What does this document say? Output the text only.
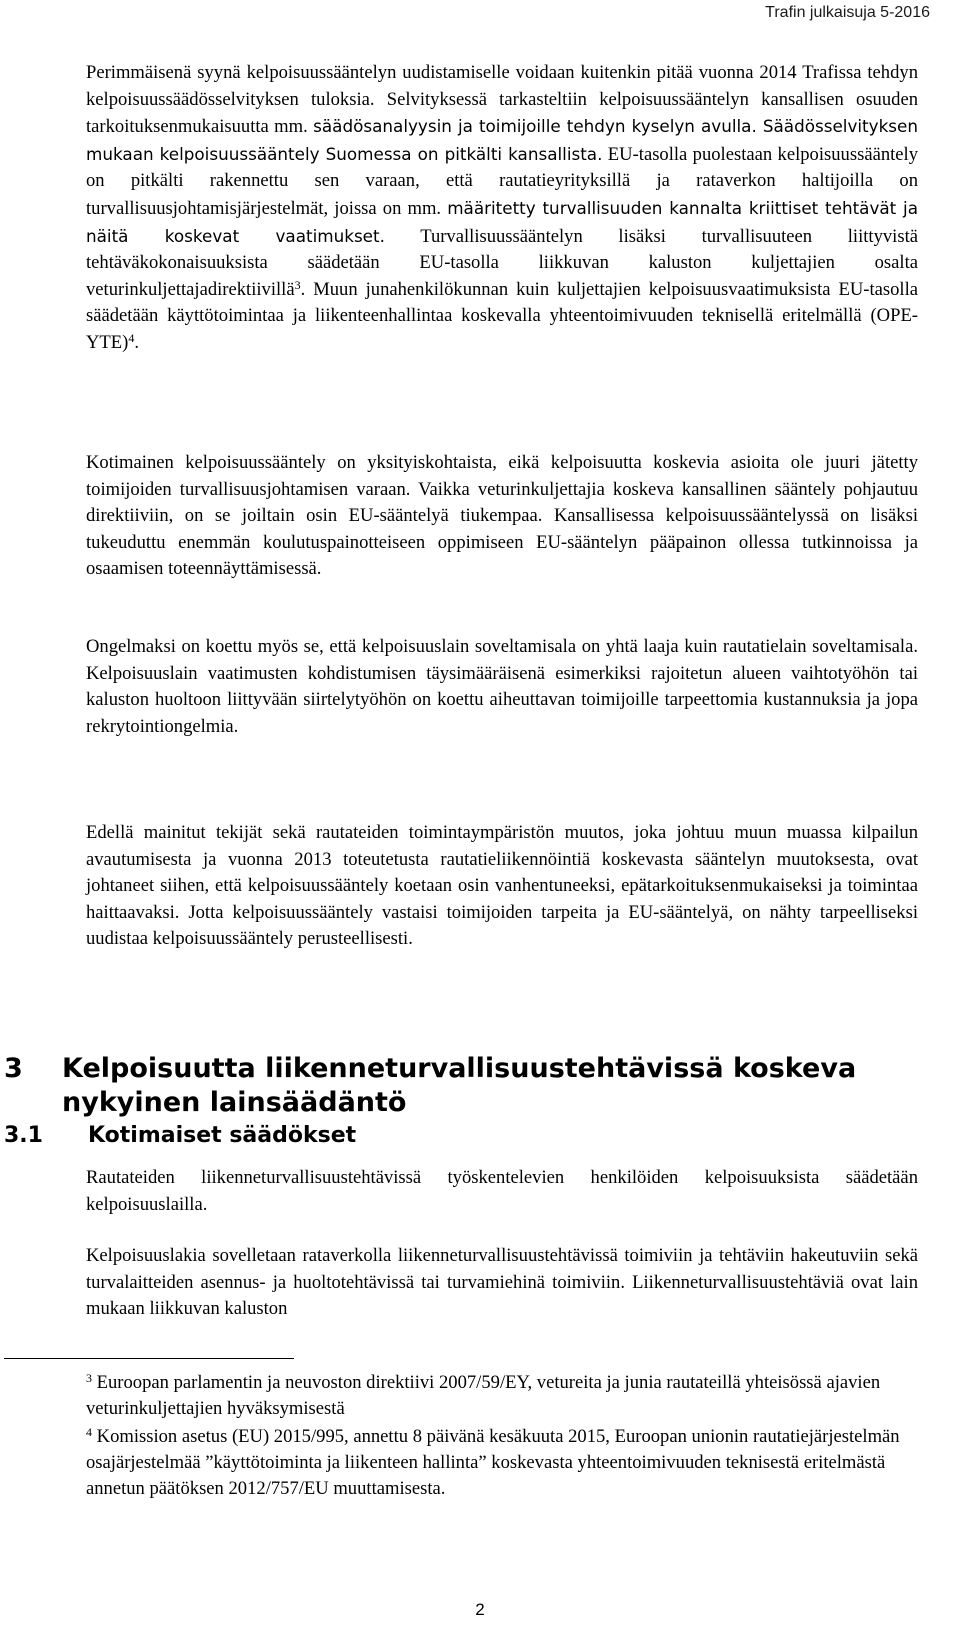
Trafin julkaisuja 5-2016

Perimmäisenä syynä kelpoisuussääntelyn uudistamiselle voidaan kuitenkin pitää vuonna 2014 Trafissa tehdyn kelpoisuussäädösselvityksen tuloksia. Selvityksessä tarkasteltiin kelpoisuussääntelyn kansallisen osuuden tarkoituksenmukaisuutta mm. säädösanalyysin ja toimijoille tehdyn kyselyn avulla. Säädösselvityksen mukaan kelpoisuussääntely Suomessa on pitkälti kansallista. EU-tasolla puolestaan kelpoisuussääntely on pitkälti rakennettu sen varaan, että rautatieyrityksillä ja rataverkon haltijoilla on turvallisuusjohtamisjärjestelmät, joissa on mm. määritetty turvallisuuden kannalta kriittiset tehtävät ja näitä koskevat vaatimukset. Turvallisuussääntelyn lisäksi turvallisuuteen liittyvistä tehtäväkokonaisuuksista säädetään EU-tasolla liikkuvan kaluston kuljettajien osalta veturinkuljettajadirektiivillä$^3$. Muun junahenkilökunnan kuin kuljettajien kelpoisuusvaatimuksista EU-tasolla säädetään käyttötoimintaa ja liikenteenhallintaa koskevalla yhteentoimivuuden teknisellä eritelmällä $(OPE-YTE)^4$.

Kotimainen kelpoisuussääntely on yksityiskohtaista, eikä kelpoisuutta koskevia asioita ole juuri jätetty toimijoiden turvallisuusjohtamisen varaan. Vaikka veturinkuljettajia koskeva kansallinen sääntely pohjautuu direktiiviin, on se joiltain osin EU-sääntelyä tiukempaa. Kansallisessa kelpoisuussääntelyssä on lisäksi tukeuduttu enemmän koulutuspainotteiseen oppimiseen EU-sääntelyn pääpainon ollessa tutkinnoissa ja osaamisen toteennäyttämisessä.

Ongelmaksi on koettu myös se, että kelpoisuuslain soveltamisala on yhtä laaja kuin rautatielain soveltamisala. Kelpoisuuslain vaatimusten kohdistumisen täysimääräisenä esimerkiksi rajoitetun alueen vaihtotyöhön tai kaluston huoltoon liittyvään siirtelytyöhön on koettu aiheuttavan toimijoille tarpeettomia kustannuksia ja jopa rekrytointiongelmia.

Edellä mainitut tekijät sekä rautateiden toimintaympäristön muutos, joka johtuu muun muassa kilpailun avautumisesta ja vuonna 2013 toteutetusta rautatieliikennöintiä koskevasta sääntelyn muutoksesta, ovat johtaneet siihen, että kelpoisuussääntely koetaan osin vanhentuneeksi, epätarkoituksenmukaiseksi ja toimintaa haittaavaksi. Jotta kelpoisuussääntely vastaisi toimijoiden tarpeita ja EU-sääntelyä, on nähty tarpeelliseksi uudistaa kelpoisuussääntely perusteellisesti.

3 Kelpoisuutta liikenneturvallisuustehtävissä koskeva nykyinen lainsäädäntö
3.1 Kotimaiset säädökset

Rautateiden liikenneturvallisuustehtävissä työskentelevien henkilöiden kelpoisuuksista säädetään kelpoisuuslailla.

Kelpoisuuslakia sovelletaan rataverkolla liikenneturvallisuustehtävissä toimiviin ja tehtäviin hakeutuviin sekä turvalaitteiden asennus- ja huoltotehtävissä tai turvamiehinä toimiviin. Liikenneturvallisuustehtäviä ovat lain mukaan liikkuvan kaluston

$^3$ Euroopan parlamentin ja neuvoston direktiivi 2007/59/EY, vetureita ja junia rautateillä yhteisössä ajavien veturinkuljettajien hyväksymisestä

$^4$ Komission asetus (EU) 2015/995, annettu 8 päivänä kesäkuuta 2015, Euroopan unionin rautatiejärjestelmän osajärjestelmää ”käyttötoiminta ja liikenteen hallinta” koskevasta yhteentoimivuuden teknisestä eritelmästä annetun päätöksen 2012/757/EU muuttamisesta.

2
